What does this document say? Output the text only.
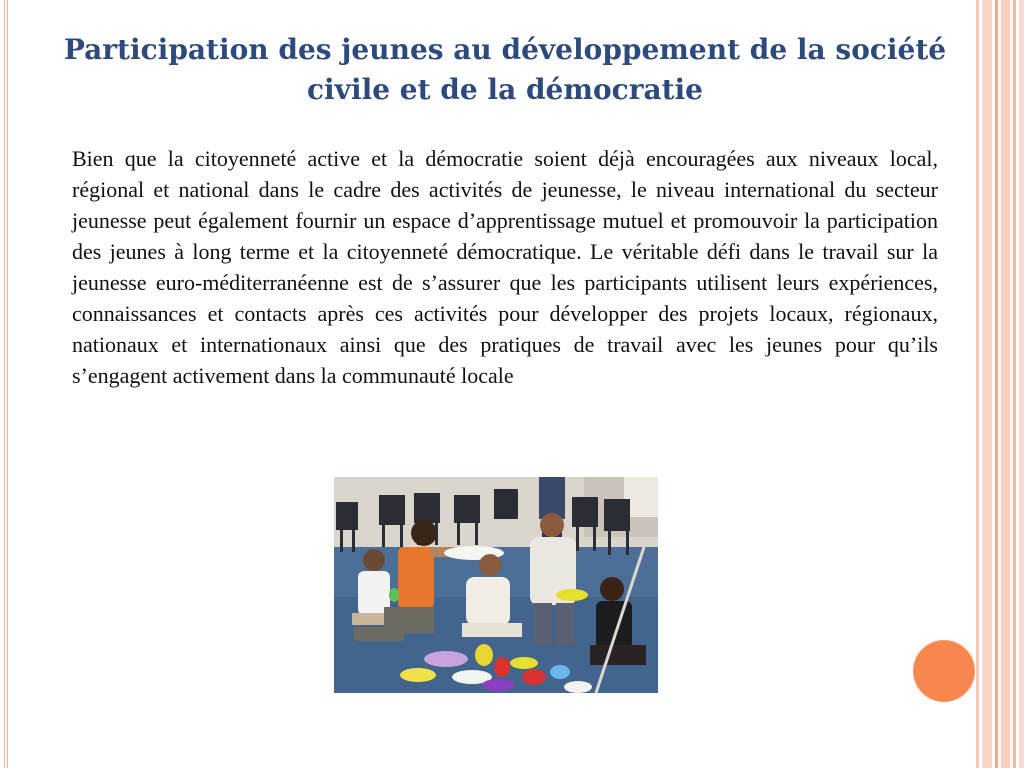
Participation des jeunes au développement de la société civile et de la démocratie

Bien que la citoyenneté active et la démocratie soient déjà encouragées aux niveaux local, régional et national dans le cadre des activités de jeunesse, le niveau international du secteur jeunesse peut également fournir un espace d’apprentissage mutuel et promouvoir la participation des jeunes à long terme et la citoyenneté démocratique. Le véritable défi dans le travail sur la jeunesse euro-méditerranéenne est de s’assurer que les participants utilisent leurs expériences, connaissances et contacts après ces activités pour développer des projets locaux, régionaux, nationaux et internationaux ainsi que des pratiques de travail avec les jeunes pour qu’ils s’engagent activement dans la communauté locale
